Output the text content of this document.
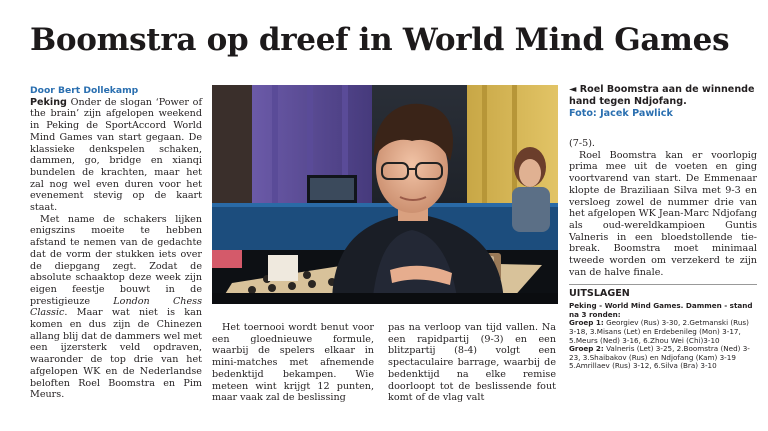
Boomstra op dreef in World Mind Games

Door Bert Dollekamp

Peking Onder de slogan ‘Power of the brain’ zijn afgelopen weekend in Peking de SportAccord World Mind Games van start gegaan. De klassieke denkspelen schaken, dammen, go, bridge en xianqi bundelen de krachten, maar het zal nog wel even duren voor het evenement stevig op de kaart staat.

Met name de schakers lijken enigszins moeite te hebben afstand te nemen van de gedachte dat de vorm der stukken iets over de diepgang zegt. Zodat de absolute schaaktop deze week zijn eigen feestje bouwt in de prestigieuze London Chess Classic. Maar wat niet is kan komen en dus zijn de Chinezen allang blij dat de dammers wel met een ijzersterk veld opdraven, waaronder de top drie van het afgelopen WK en de Nederlandse beloften Roel Boomstra en Pim Meurs.

◄ Roel Boomstra aan de winnende hand tegen Ndjofang.
Foto: Jacek Pawlick

Het toernooi wordt benut voor een gloednieuwe formule, waarbij de spelers elkaar in mini-matches met afnemende bedenktijd bekampen. Wie meteen wint krijgt 12 punten, maar vaak zal de beslissing

pas na verloop van tijd vallen. Na een rapidpartij (9-3) en een blitzpartij (8-4) volgt een spectaculaire barrage, waarbij de bedenktijd na elke remise doorloopt tot de beslissende fout komt of de vlag valt

(7-5).

Roel Boomstra kan er voorlopig prima mee uit de voeten en ging voortvarend van start. De Emmenaar klopte de Braziliaan Silva met 9-3 en versloeg zowel de nummer drie van het afgelopen WK Jean-Marc Ndjofang als oud-wereldkampioen Guntis Valneris in een bloedstollende tie-break. Boomstra moet minimaal tweede worden om verzekerd te zijn van de halve finale.

UITSLAGEN
Peking - World Mind Games. Dammen - stand na 3 ronden:
Groep 1: Georgiev (Rus) 3-30, 2.Getmanski (Rus) 3-18, 3.Misans (Let) en Erdebenileg (Mon) 3-17, 5.Meurs (Ned) 3-16, 6.Zhou Wei (Chi)3-10
Groep 2: Valneris (Let) 3-25, 2.Boomstra (Ned) 3-23, 3.Shaibakov (Rus) en Ndjofang (Kam) 3-19 5.Amrillaev (Rus) 3-12, 6.Silva (Bra) 3-10
